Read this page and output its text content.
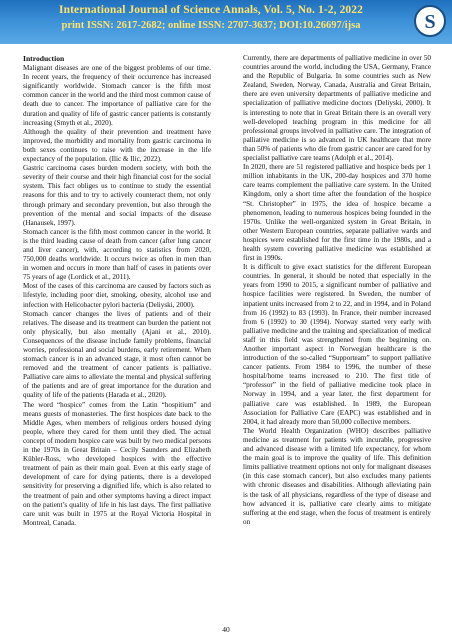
International Journal of Science Annals, Vol. 5, No. 1-2, 2022
print ISSN: 2617-2682; online ISSN: 2707-3637; DOI:10.26697/ijsa	S

Introduction

Malignant diseases are one of the biggest problems of our time. In recent years, the frequency of their occurrence has increased significantly worldwide. Stomach cancer is the fifth most common cancer in the world and the third most common cause of death due to cancer. The importance of palliative care for the duration and quality of life of gastric cancer patients is constantly increasing (Smyth et al., 2020).

Although the quality of their prevention and treatment have improved, the morbidity and mortality from gastric carcinoma in both sexes continues to raise with the increase in the life expectancy of the population. (Ilic & Ilic, 2022).

Gastric carcinoma cases burden modern society, with both the severity of their course and their high financial cost for the social system. This fact obliges us to continue to study the essential reasons for this and to try to actively counteract them, not only through primary and secondary prevention, but also through the prevention of the mental and social impacts of the disease (Hanausek, 1997).

Stomach cancer is the fifth most common cancer in the world. It is the third leading cause of death from cancer (after lung cancer and liver cancer), with, according to statistics from 2020, 750,000 deaths worldwide. It occurs twice as often in men than in women and occurs in more than half of cases in patients over 75 years of age (Lordick et al., 2011).

Most of the cases of this carcinoma are caused by factors such as lifestyle, including poor diet, smoking, obesity, alcohol use and infection with Helicobacter pylori bacteria (Deliyski, 2000).

Stomach cancer changes the lives of patients and of their relatives. The disease and its treatment can burden the patient not only physically, but also mentally (Ajani et al., 2010). Consequences of the disease include family problems, financial worries, professional and social burdens, early retirement. When stomach cancer is in an advanced stage, it most often cannot be removed and the treatment of cancer patients is palliative. Palliative care aims to alleviate the mental and physical suffering of the patients and are of great importance for the duration and quality of life of the patients (Harada et al., 2020).

The word “hospice” comes from the Latin “hospitium” and means guests of monasteries. The first hospices date back to the Middle Ages, when members of religious orders housed dying people, where they cared for them until they died. The actual concept of modern hospice care was built by two medical persons in the 1970s in Great Britain – Cecily Saunders and Elizabeth Kübler-Ross, who developed hospices with the effective treatment of pain as their main goal. Even at this early stage of development of care for dying patients, there is a developed sensitivity for preserving a dignified life, which is also related to the treatment of pain and other symptoms having a direct impact on the patient’s quality of life in his last days. The first palliative care unit was built in 1975 at the Royal Victoria Hospital in Montreal, Canada.

Currently, there are departments of palliative medicine in over 50 countries around the world, including the USA, Germany, France and the Republic of Bulgaria. In some countries such as New Zealand, Sweden, Norway, Canada, Australia and Great Britain, there are even university departments of palliative medicine and specialization of palliative medicine doctors (Deliyski, 2000). It is interesting to note that in Great Britain there is an overall very well-developed teaching program in this medicine for all professional groups involved in palliative care. The integration of palliative medicine is so advanced in UK healthcare that more than 50% of patients who die from gastric cancer are cared for by specialist palliative care teams (Adolph et al., 2014).

In 2020, there are 51 registered palliative and hospice beds per 1 million inhabitants in the UK, 200-day hospices and 370 home care teams complement the palliative care system. In the United Kingdom, only a short time after the foundation of the hospice “St. Christopher” in 1975, the idea of hospice became a phenomenon, leading to numerous hospices being founded in the 1970s. Unlike the well-organized system in Great Britain, in other Western European countries, separate palliative wards and hospices were established for the first time in the 1980s, and a health system covering palliative medicine was established at first in 1990s.

It is difficult to give exact statistics for the different European countries. In general, it should be noted that especially in the years from 1990 to 2015, a significant number of palliative and hospice facilities were registered. In Sweden, the number of inpatient units increased from 2 to 22, and in 1994, and in Poland from 16 (1992) to 83 (1993). In France, their number increased from 6 (1992) to 30 (1994). Norway started very early with palliative medicine and the training and specialization of medical staff in this field was strengthened from the beginning on. Another important aspect in Norwegian healthcare is the introduction of the so-called “Supporteam” to support palliative cancer patients. From 1984 to 1996, the number of these hospital/home teams increased to 210. The first title of “professor” in the field of palliative medicine took place in Norway in 1994, and a year later, the first department for palliative care was established. In 1989, the European Association for Palliative Care (EAPC) was established and in 2004, it had already more than 50,000 collective members.

The World Health Organization (WHO) describes palliative medicine as treatment for patients with incurable, progressive and advanced disease with a limited life expectancy, for whom the main goal is to improve the quality of life. This definition limits palliative treatment options not only for malignant diseases (in this case stomach cancer), but also excludes many patients with chronic diseases and disabilities. Although alleviating pain is the task of all physicians, regardless of the type of disease and how advanced it is, palliative care clearly aims to mitigate suffering at the end stage, when the focus of treatment is entirely on

40
